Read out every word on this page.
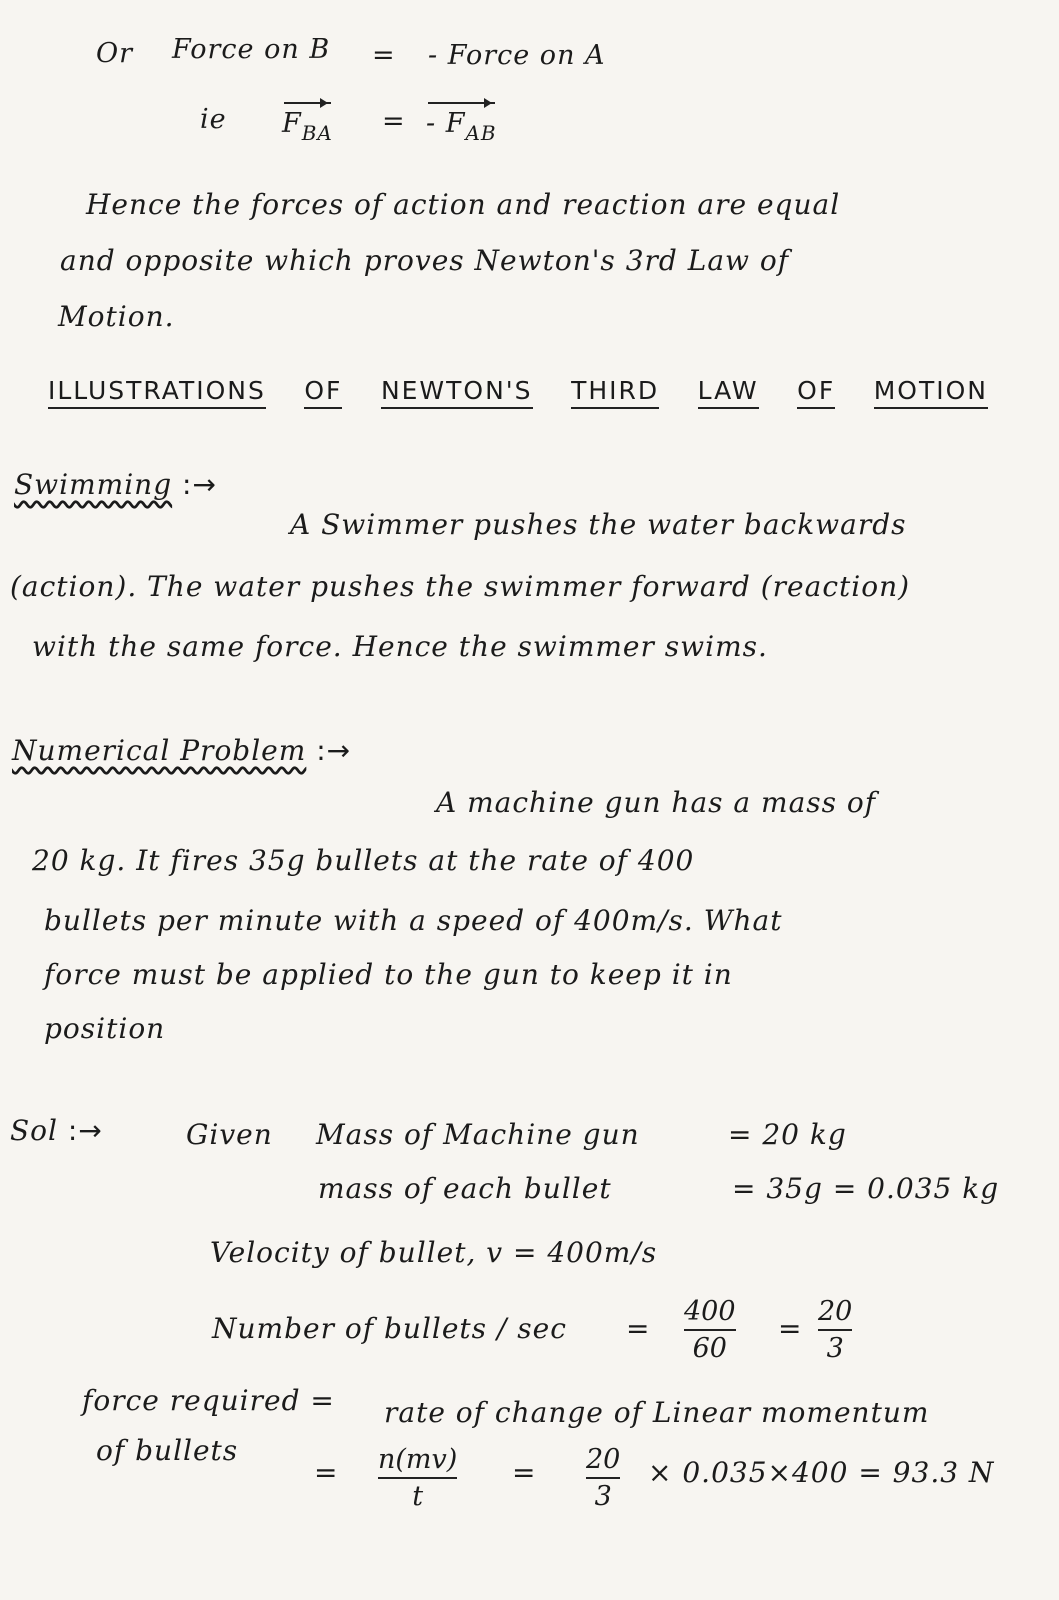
Or Force on B = - Force on A
ie $F_{BA}$ = - $F_{AB}$
Hence the forces of action and reaction are equal
and opposite which proves Newton's 3rd Law of
Motion.
ILLUSTRATIONS OF NEWTON'S THIRD LAW OF MOTION
Swimming :→
A Swimmer pushes the water backwards
(action). The water pushes the swimmer forward (reaction)
with the same force. Hence the swimmer swims.
Numerical Problem :→
A machine gun has a mass of
20 kg. It fires 35g bullets at the rate of 400
bullets per minute with a speed of 400m/s. What
force must be applied to the gun to keep it in
position
Sol :→	Given Mass of Machine gun	= 20 kg
mass of each bullet	= 35g = 0.035 kg
Velocity of bullet, v = 400m/s
Number of bullets / sec =
400
60
=
20
3
force required = rate of change of Linear momentum
of bullets
= n(mv)
t
= 20
3
× 0.035×400 = 93.3 N
